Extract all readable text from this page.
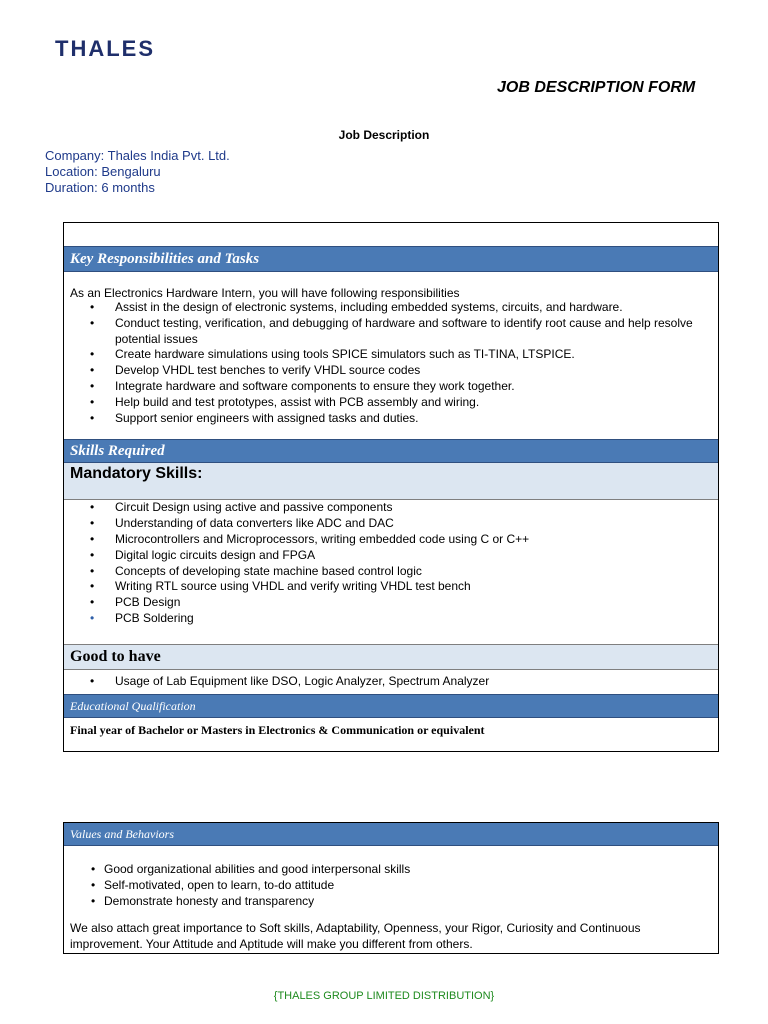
THALES
JOB DESCRIPTION FORM
Job Description
Company: Thales India Pvt. Ltd.
Location: Bengaluru
Duration: 6 months
Key Responsibilities and Tasks

As an Electronics Hardware Intern, you will have following responsibilities

• Assist in the design of electronic systems, including embedded systems, circuits, and hardware.
• Conduct testing, verification, and debugging of hardware and software to identify root cause and help resolve potential issues
• Create hardware simulations using tools SPICE simulators such as TI-TINA, LTSPICE.
• Develop VHDL test benches to verify VHDL source codes
• Integrate hardware and software components to ensure they work together.
• Help build and test prototypes, assist with PCB assembly and wiring.
• Support senior engineers with assigned tasks and duties.
Skills Required
Mandatory Skills:
• Circuit Design using active and passive components
• Understanding of data converters like ADC and DAC
• Microcontrollers and Microprocessors, writing embedded code using C or C++
• Digital logic circuits design and FPGA
• Concepts of developing state machine based control logic
• Writing RTL source using VHDL and verify writing VHDL test bench
• PCB Design
• PCB Soldering
Good to have
• Usage of Lab Equipment like DSO, Logic Analyzer, Spectrum Analyzer
Educational Qualification
Final year of Bachelor or Masters in Electronics & Communication or equivalent
Values and Behaviors
• Good organizational abilities and good interpersonal skills
• Self-motivated, open to learn, to-do attitude
• Demonstrate honesty and transparency

We also attach great importance to Soft skills, Adaptability, Openness, your Rigor, Curiosity and Continuous improvement. Your Attitude and Aptitude will make you different from others.

{THALES GROUP LIMITED DISTRIBUTION}
